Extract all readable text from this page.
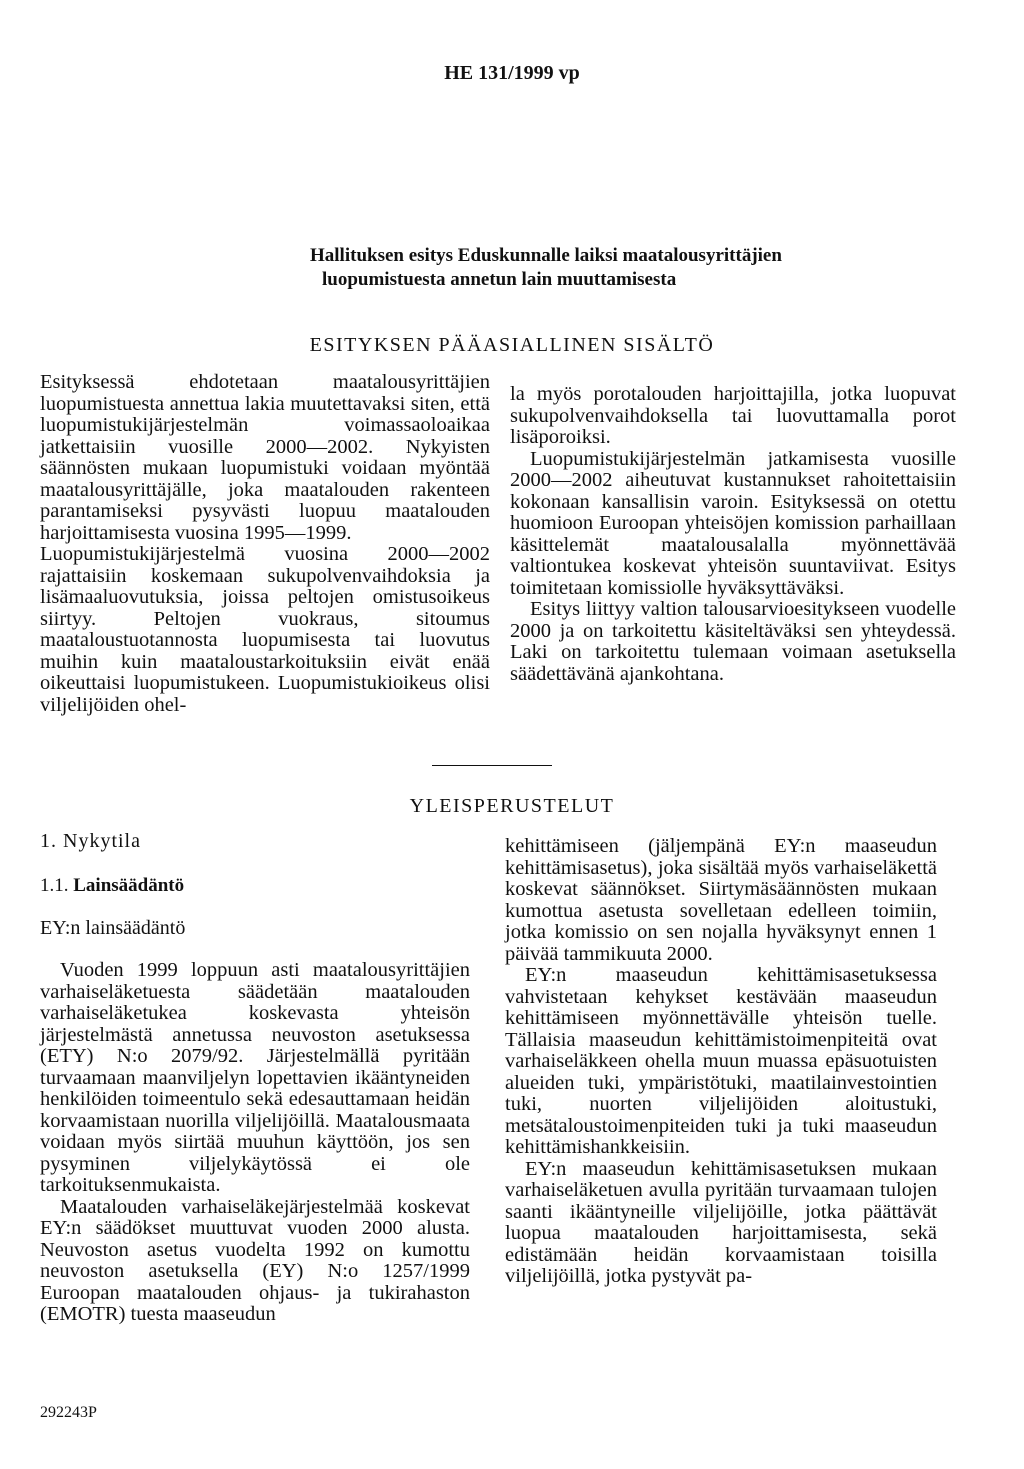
HE 131/1999 vp
Hallituksen esitys Eduskunnalle laiksi maatalousyrittäjien
luopumistuesta annetun lain muuttamisesta
ESITYKSEN PÄÄASIALLINEN SISÄLTÖ

Esityksessä ehdotetaan maatalousyrittäjien luopumistuesta annettua lakia muutettavaksi siten, että luopumistukijärjestelmän voimassaoloaikaa jatkettaisiin vuosille 2000—2002. Nykyisten säännösten mukaan luopumistuki voidaan myöntää maatalousyrittäjälle, joka maatalouden rakenteen parantamiseksi pysyvästi luopuu maatalouden harjoittamisesta vuosina 1995—1999.

Luopumistukijärjestelmä vuosina 2000—2002 rajattaisiin koskemaan sukupolvenvaihdoksia ja lisämaaluovutuksia, joissa peltojen omistusoikeus siirtyy. Peltojen vuokraus, sitoumus maataloustuotannosta luopumisesta tai luovutus muihin kuin maataloustarkoituksiin eivät enää oikeuttaisi luopumistukeen. Luopumistukioikeus olisi viljelijöiden ohel-

la myös porotalouden harjoittajilla, jotka luopuvat sukupolvenvaihdoksella tai luovuttamalla porot lisäporoiksi.

Luopumistukijärjestelmän jatkamisesta vuosille 2000—2002 aiheutuvat kustannukset rahoitettaisiin kokonaan kansallisin varoin. Esityksessä on otettu huomioon Euroopan yhteisöjen komission parhaillaan käsittelemät maatalousalalla myönnettävää valtiontukea koskevat yhteisön suuntaviivat. Esitys toimitetaan komissiolle hyväksyttäväksi.

Esitys liittyy valtion talousarvioesitykseen vuodelle 2000 ja on tarkoitettu käsiteltäväksi sen yhteydessä. Laki on tarkoitettu tulemaan voimaan asetuksella säädettävänä ajankohtana.

YLEISPERUSTELUT
1. Nykytila
1.1. Lainsäädäntö
EY:n lainsäädäntö

Vuoden 1999 loppuun asti maatalousyrittäjien varhaiseläketuesta säädetään maatalouden varhaiseläketukea koskevasta yhteisön järjestelmästä annetussa neuvoston asetuksessa (ETY) N:o 2079/92. Järjestelmällä pyritään turvaamaan maanviljelyn lopettavien ikääntyneiden henkilöiden toimeentulo sekä edesauttamaan heidän korvaamistaan nuorilla viljelijöillä. Maatalousmaata voidaan myös siirtää muuhun käyttöön, jos sen pysyminen viljelykäytössä ei ole tarkoituksenmukaista.

Maatalouden varhaiseläkejärjestelmää koskevat EY:n säädökset muuttuvat vuoden 2000 alusta. Neuvoston asetus vuodelta 1992 on kumottu neuvoston asetuksella (EY) N:o 1257/1999 Euroopan maatalouden ohjaus- ja tukirahaston (EMOTR) tuesta maaseudun

kehittämiseen (jäljempänä EY:n maaseudun kehittämisasetus), joka sisältää myös varhaiseläkettä koskevat säännökset. Siirtymäsäännösten mukaan kumottua asetusta sovelletaan edelleen toimiin, jotka komissio on sen nojalla hyväksynyt ennen 1 päivää tammikuuta 2000.

EY:n maaseudun kehittämisasetuksessa vahvistetaan kehykset kestävään maaseudun kehittämiseen myönnettävälle yhteisön tuelle. Tällaisia maaseudun kehittämistoimenpiteitä ovat varhaiseläkkeen ohella muun muassa epäsuotuisten alueiden tuki, ympäristötuki, maatilainvestointien tuki, nuorten viljelijöiden aloitustuki, metsätaloustoimenpiteiden tuki ja tuki maaseudun kehittämishankkeisiin.

EY:n maaseudun kehittämisasetuksen mukaan varhaiseläketuen avulla pyritään turvaamaan tulojen saanti ikääntyneille viljelijöille, jotka päättävät luopua maatalouden harjoittamisesta, sekä edistämään heidän korvaamistaan toisilla viljelijöillä, jotka pystyvät pa-

292243P
